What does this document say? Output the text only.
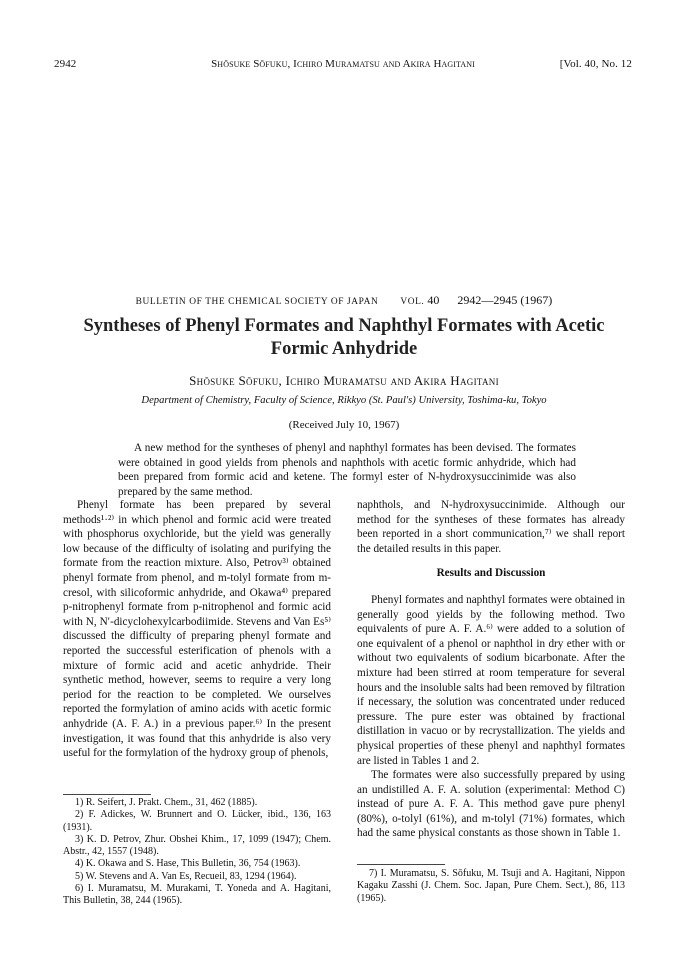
2942	Shōsuke Sōfuku, Ichiro Muramatsu and Akira Hagitani	[Vol. 40, No. 12
BULLETIN OF THE CHEMICAL SOCIETY OF JAPAN VOL. 40 2942—2945 (1967)
Syntheses of Phenyl Formates and Naphthyl Formates with Acetic Formic Anhydride
Shōsuke Sōfuku, Ichiro Muramatsu and Akira Hagitani
Department of Chemistry, Faculty of Science, Rikkyo (St. Paul's) University, Toshima-ku, Tokyo
(Received July 10, 1967)
A new method for the syntheses of phenyl and naphthyl formates has been devised. The formates were obtained in good yields from phenols and naphthols with acetic formic anhydride, which had been prepared from formic acid and ketene. The formyl ester of N-hydroxysuccinimide was also prepared by the same method.

Phenyl formate has been prepared by several methods¹·²⁾ in which phenol and formic acid were treated with phosphorus oxychloride, but the yield was generally low because of the difficulty of isolating and purifying the formate from the reaction mixture. Also, Petrov³⁾ obtained phenyl formate from phenol, and m-tolyl formate from m-cresol, with silicoformic anhydride, and Okawa⁴⁾ prepared p-nitrophenyl formate from p-nitrophenol and formic acid with N, N′-dicyclohexylcarbodiimide. Stevens and Van Es⁵⁾ discussed the difficulty of preparing phenyl formate and reported the successful esterification of phenols with a mixture of formic acid and acetic anhydride. Their synthetic method, however, seems to require a very long period for the reaction to be completed. We ourselves reported the formylation of amino acids with acetic formic anhydride (A. F. A.) in a previous paper.⁶⁾ In the present investigation, it was found that this anhydride is also very useful for the formylation of the hydroxy group of phenols,

naphthols, and N-hydroxysuccinimide. Although our method for the syntheses of these formates has already been reported in a short communication,⁷⁾ we shall report the detailed results in this paper.

Results and Discussion

Phenyl formates and naphthyl formates were obtained in generally good yields by the following method. Two equivalents of pure A. F. A.⁶⁾ were added to a solution of one equivalent of a phenol or naphthol in dry ether with or without two equivalents of sodium bicarbonate. After the mixture had been stirred at room temperature for several hours and the insoluble salts had been removed by filtration if necessary, the solution was concentrated under reduced pressure. The pure ester was obtained by fractional distillation in vacuo or by recrystallization. The yields and physical properties of these phenyl and naphthyl formates are listed in Tables 1 and 2.

The formates were also successfully prepared by using an undistilled A. F. A. solution (experimental: Method C) instead of pure A. F. A. This method gave pure phenyl (80%), o-tolyl (61%), and m-tolyl (71%) formates, which had the same physical constants as those shown in Table 1.

1) R. Seifert, J. Prakt. Chem., 31, 462 (1885).
2) F. Adickes, W. Brunnert and O. Lücker, ibid., 136, 163 (1931).
3) K. D. Petrov, Zhur. Obshei Khim., 17, 1099 (1947); Chem. Abstr., 42, 1557 (1948).
4) K. Okawa and S. Hase, This Bulletin, 36, 754 (1963).
5) W. Stevens and A. Van Es, Recueil, 83, 1294 (1964).
6) I. Muramatsu, M. Murakami, T. Yoneda and A. Hagitani, This Bulletin, 38, 244 (1965).
7) I. Muramatsu, S. Sōfuku, M. Tsuji and A. Hagitani, Nippon Kagaku Zasshi (J. Chem. Soc. Japan, Pure Chem. Sect.), 86, 113 (1965).
